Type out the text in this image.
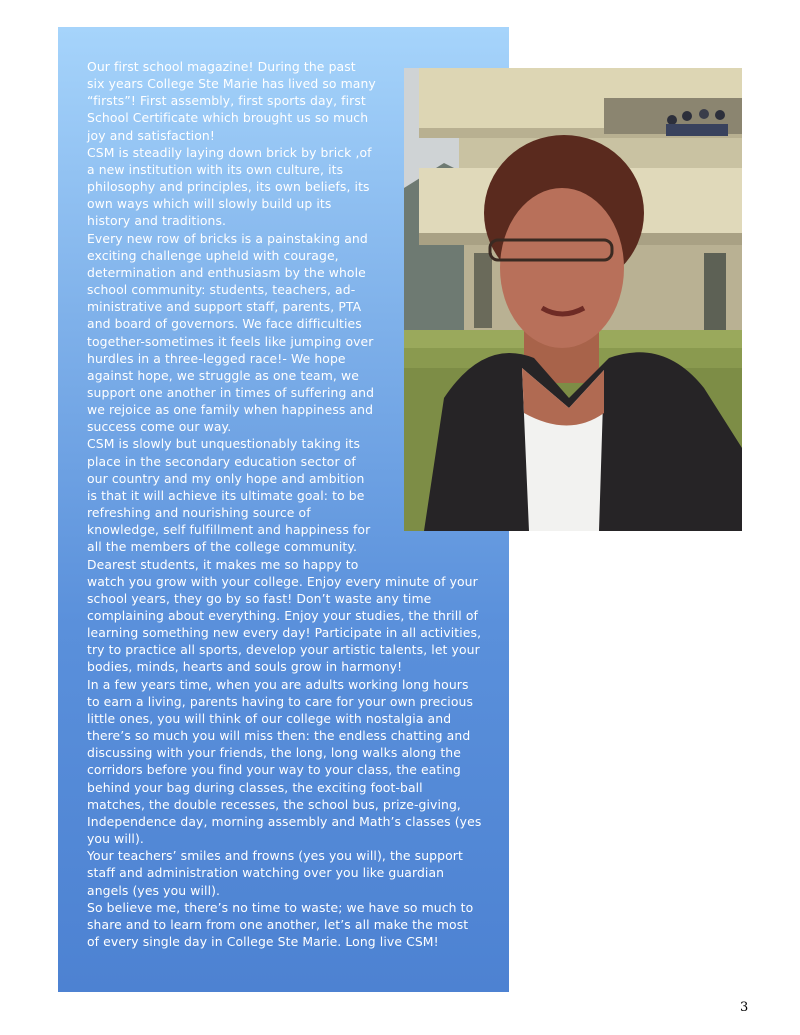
Our first school magazine! During the past
six years College Ste Marie has lived so many
“firsts”! First assembly, first sports day, first
School Certificate which brought us so much
joy and satisfaction!
CSM is steadily laying down brick by brick ,of
a new institution with its own culture, its
philosophy and principles, its own beliefs, its
own ways which will slowly build up its
history and traditions.
Every new row of bricks is a painstaking and
exciting challenge upheld with courage,
determination and enthusiasm by the whole
school community: students, teachers, ad-
ministrative and support staff, parents, PTA
and board of governors. We face difficulties
together-sometimes it feels like jumping over
hurdles in a three-legged race!- We hope
against hope, we struggle as one team, we
support one another in times of suffering and
we rejoice as one family when happiness and
success come our way.
CSM is slowly but unquestionably taking its
place in the secondary education sector of
our country and my only hope and ambition
is that it will achieve its ultimate goal: to be
refreshing and nourishing source of
knowledge, self fulfillment and happiness for
all the members of the college community.
Dearest students, it makes me so happy to
watch you grow with your college. Enjoy every minute of your
school years, they go by so fast! Don’t waste any time
complaining about everything. Enjoy your studies, the thrill of
learning something new every day! Participate in all activities,
try to practice all sports, develop your artistic talents, let your
bodies, minds, hearts and souls grow in harmony!
In a few years time, when you are adults working long hours
to earn a living, parents having to care for your own precious
little ones, you will think of our college with nostalgia and
there’s so much you will miss then: the endless chatting and
discussing with your friends, the long, long walks along the
corridors before you find your way to your class, the eating
behind your bag during classes, the exciting foot-ball
matches, the double recesses, the school bus, prize-giving,
Independence day, morning assembly and Math’s classes (yes
you will).
Your teachers’ smiles and frowns (yes you will), the support
staff and administration watching over you like guardian
angels (yes you will).
So believe me, there’s no time to waste; we have so much to
share and to learn from one another, let’s all make the most
of every single day in College Ste Marie. Long live CSM!
3
